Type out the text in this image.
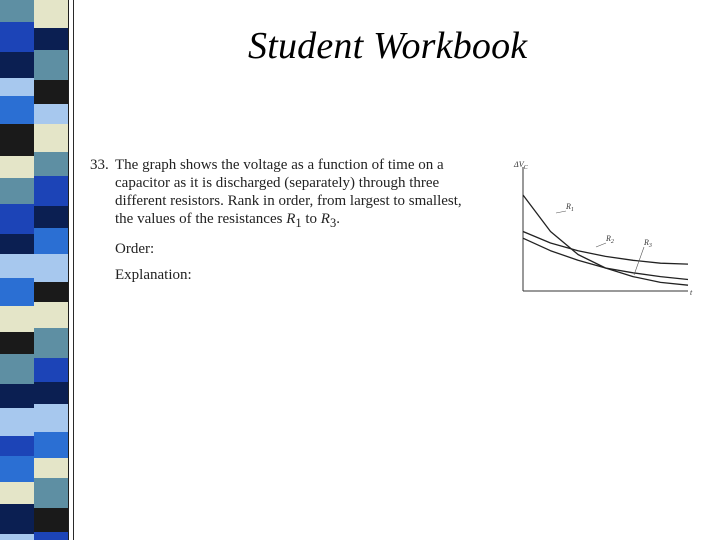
Student Workbook
33. The graph shows the voltage as a function of time on a capacitor as it is discharged (separately) through three different resistors. Rank in order, from largest to smallest, the values of the resistances $R_1$ to $R_3$.
Order:
Explanation:
$\Delta V_C$
t
$R_1$
$R_2$	$R_3$
